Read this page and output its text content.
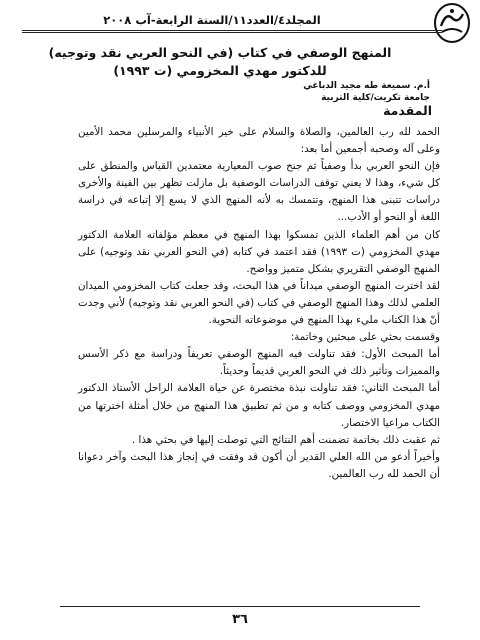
المجلد٤/العدد١١/السنة الرابعة-آب ٢٠٠٨
المنهج الوصفي في كتاب (في النحو العربي نقد وتوجيه)
للدكتور مهدي المخزومي (ت ١٩٩٣)
أ.م. سميعة طه مجيد الدباغي
جامعة تكريت/كلية التربية
المقدمة

الحمد لله رب العالمين، والصلاة والسلام على خير الأنبياء والمرسلين محمد الأمين وعلى آله وصحبه أجمعين أما بعد:

فإن النحو العربي بدأ وصفياً ثم جنح صوب المعيارية معتمدين القياس والمنطق على كل شيء، وهذا لا يعني توقف الدراسات الوصفية بل مازلت تظهر بين الفينة والأخرى دراسات تتبنى هذا المنهج، وتتمسك به لأنه المنهج الذي لا يسع إلا إتباعه في دراسة اللغة أو النحو أو الأدب...

كان من أهم العلماء الذين تمسكوا بهذا المنهج في معظم مؤلفاته العلامة الدكتور مهدي المخزومي (ت ١٩٩٣) فقد اعتمد في كتابه (في النحو العربي نقد وتوجيه) على المنهج الوصفي التقريري بشكل متميز وواضح.

لقد اخترت المنهج الوصفي ميداناً في هذا البحث، وقد جعلت كتاب المخزومي الميدان العلمي لذلك وهذا المنهج الوصفي في كتاب (في النحو العربي نقد وتوجيه) لأني وجدت أنّ هذا الكتاب مليء بهذا المنهج في موضوعاته النحوية.

وقسمت بحثي على مبحثين وخاتمة:

أما المبحث الأول: فقد تناولت فيه المنهج الوصفي تعريفاً ودراسة مع ذكر الأسس والمميزات وتأثير ذلك في النحو العربي قديماً وحديثاً.

أما المبحث الثاني: فقد تناولت نبذة مختصرة عن حياة العلامة الراحل الأستاذ الدكتور مهدي المخزومي ووصف كتابه و من ثم تطبيق هذا المنهج من خلال أمثلة اخترتها من الكتاب مراعيا الاختصار.

ثم عقبت ذلك بخاتمة تضمنت أهم النتائج التي توصلت إليها في بحثي هذا .

وأخيراً أدعو من الله العلي القدير أن أكون قد وفقت في إنجاز هذا البحث وآخر دعوانا أن الحمد لله رب العالمين.

٣٦
